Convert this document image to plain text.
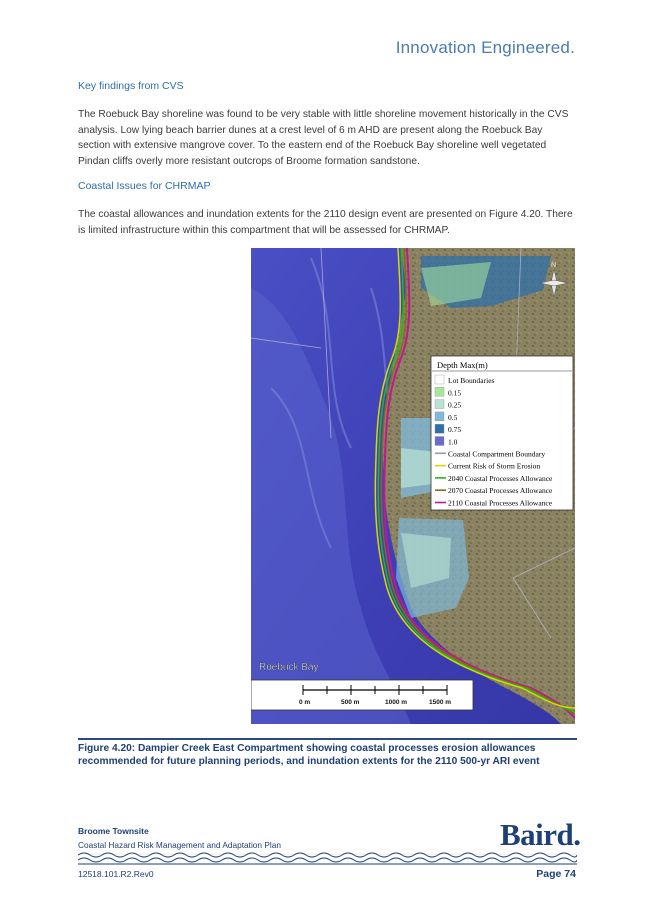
Innovation Engineered.
Key findings from CVS

The Roebuck Bay shoreline was found to be very stable with little shoreline movement historically in the CVS analysis. Low lying beach barrier dunes at a crest level of 6 m AHD are present along the Roebuck Bay section with extensive mangrove cover. To the eastern end of the Roebuck Bay shoreline well vegetated Pindan cliffs overly more resistant outcrops of Broome formation sandstone.

Coastal Issues for CHRMAP

The coastal allowances and inundation extents for the 2110 design event are presented on Figure 4.20. There is limited infrastructure within this compartment that will be assessed for CHRMAP.

N
Roebuck Bay
0 m	500 m	1000 m	1500 m
Depth Max(m)
Lot Boundaries
0.15
0.25
0.5
0.75
1.0
Coastal Compartment Boundary
Current Risk of Storm Erosion
2040 Coastal Processes Allowance
2070 Coastal Processes Allowance
2110 Coastal Processes Allowance

Figure 4.20: Dampier Creek East Compartment showing coastal processes erosion allowances recommended for future planning periods, and inundation extents for the 2110 500-yr ARI event

Broome Townsite
Coastal Hazard Risk Management and Adaptation Plan	Baird.
12518.101.R2.Rev0	Page 74
